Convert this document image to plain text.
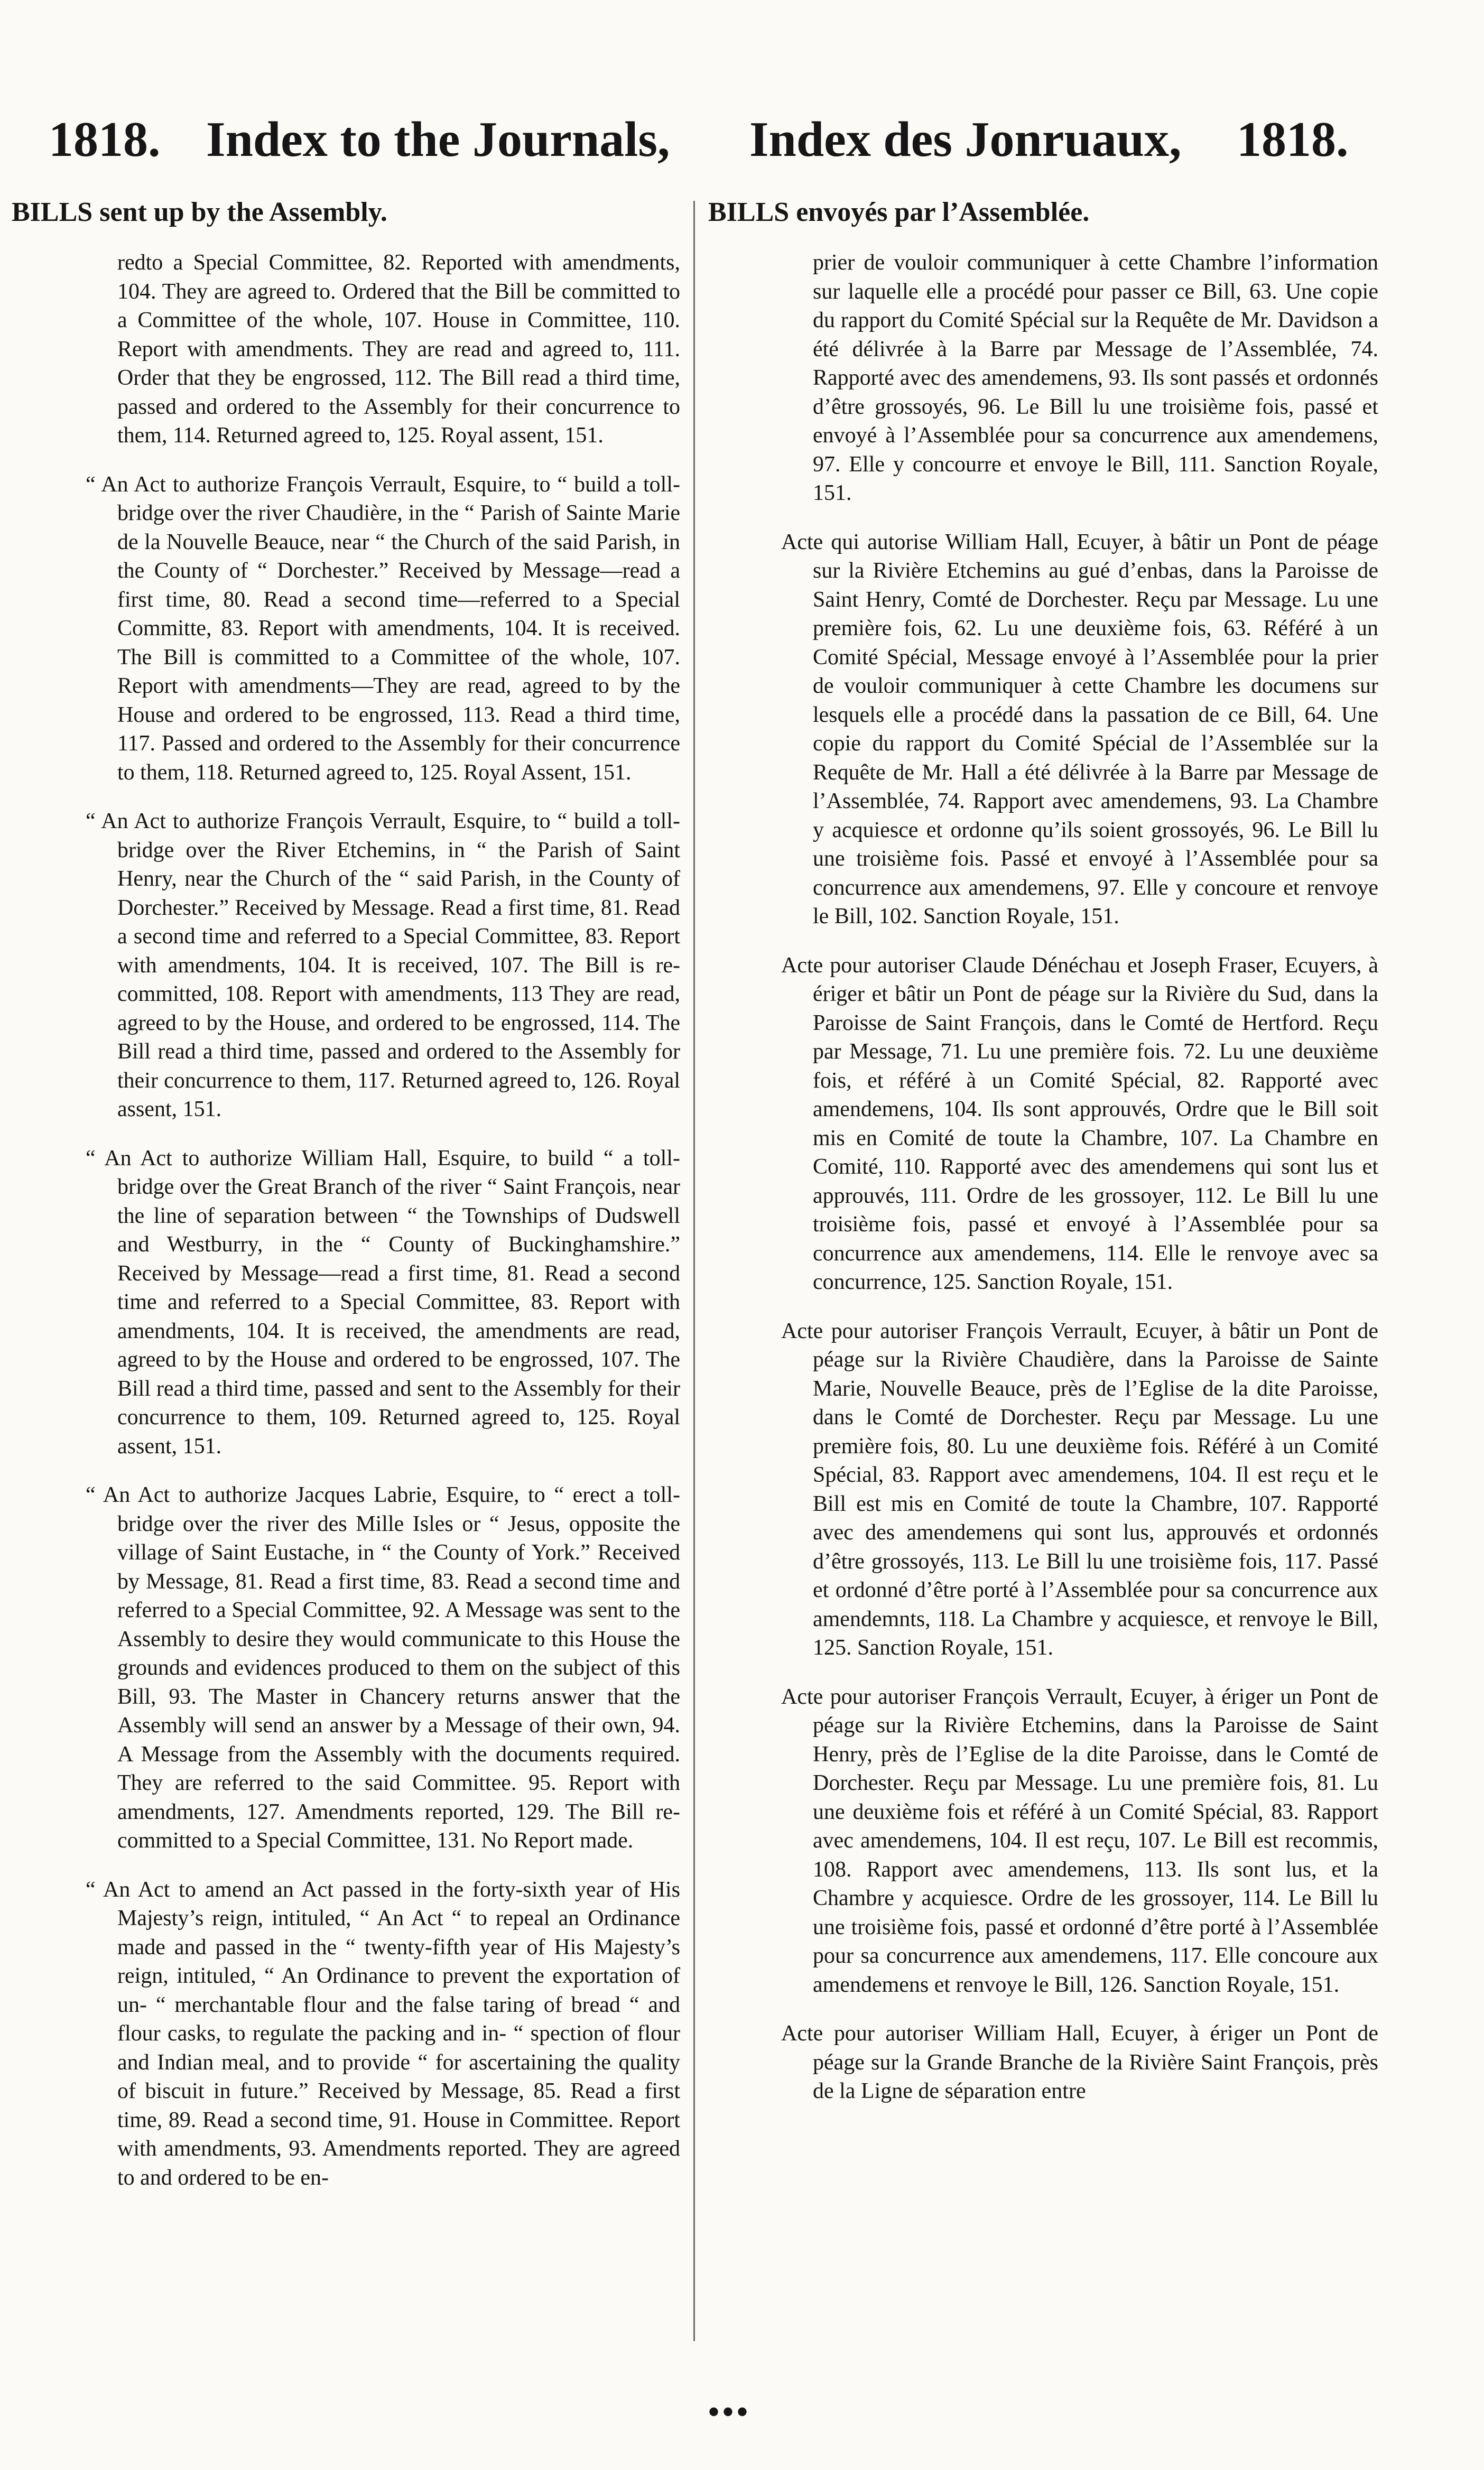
1818. Index to the Journals, Index des Jonruaux, 1818.
BILLS sent up by the Assembly.	BILLS envoyés par l’Assemblée.

redto a Special Committee, 82. Reported with amendments, 104. They are agreed to. Ordered that the Bill be committed to a Committee of the whole, 107. House in Committee, 110. Report with amendments. They are read and agreed to, 111. Order that they be engrossed, 112. The Bill read a third time, passed and ordered to the Assembly for their concurrence to them, 114. Returned agreed to, 125. Royal assent, 151.

“ An Act to authorize François Verrault, Esquire, to “ build a toll-bridge over the river Chaudière, in the “ Parish of Sainte Marie de la Nouvelle Beauce, near “ the Church of the said Parish, in the County of “ Dorchester.” Received by Message—read a first time, 80. Read a second time—referred to a Special Committe, 83. Report with amendments, 104. It is received. The Bill is committed to a Committee of the whole, 107. Report with amendments—They are read, agreed to by the House and ordered to be engrossed, 113. Read a third time, 117. Passed and ordered to the Assembly for their concurrence to them, 118. Returned agreed to, 125. Royal Assent, 151.

“ An Act to authorize François Verrault, Esquire, to “ build a toll-bridge over the River Etchemins, in “ the Parish of Saint Henry, near the Church of the “ said Parish, in the County of Dorchester.” Received by Message. Read a first time, 81. Read a second time and referred to a Special Committee, 83. Report with amendments, 104. It is received, 107. The Bill is re-committed, 108. Report with amendments, 113 They are read, agreed to by the House, and ordered to be engrossed, 114. The Bill read a third time, passed and ordered to the Assembly for their concurrence to them, 117. Returned agreed to, 126. Royal assent, 151.

“ An Act to authorize William Hall, Esquire, to build “ a toll-bridge over the Great Branch of the river “ Saint François, near the line of separation between “ the Townships of Dudswell and Westburry, in the “ County of Buckinghamshire.” Received by Message—read a first time, 81. Read a second time and referred to a Special Committee, 83. Report with amendments, 104. It is received, the amendments are read, agreed to by the House and ordered to be engrossed, 107. The Bill read a third time, passed and sent to the Assembly for their concurrence to them, 109. Returned agreed to, 125. Royal assent, 151.

“ An Act to authorize Jacques Labrie, Esquire, to “ erect a toll-bridge over the river des Mille Isles or “ Jesus, opposite the village of Saint Eustache, in “ the County of York.” Received by Message, 81. Read a first time, 83. Read a second time and referred to a Special Committee, 92. A Message was sent to the Assembly to desire they would communicate to this House the grounds and evidences produced to them on the subject of this Bill, 93. The Master in Chancery returns answer that the Assembly will send an answer by a Message of their own, 94. A Message from the Assembly with the documents required. They are referred to the said Committee. 95. Report with amendments, 127. Amendments reported, 129. The Bill re-committed to a Special Committee, 131. No Report made.

“ An Act to amend an Act passed in the forty-sixth year of His Majesty’s reign, intituled, “ An Act “ to repeal an Ordinance made and passed in the “ twenty-fifth year of His Majesty’s reign, intituled, “ An Ordinance to prevent the exportation of un- “ merchantable flour and the false taring of bread “ and flour casks, to regulate the packing and in- “ spection of flour and Indian meal, and to provide “ for ascertaining the quality of biscuit in future.” Received by Message, 85. Read a first time, 89. Read a second time, 91. House in Committee. Report with amendments, 93. Amendments reported. They are agreed to and ordered to be en-

prier de vouloir communiquer à cette Chambre l’information sur laquelle elle a procédé pour passer ce Bill, 63. Une copie du rapport du Comité Spécial sur la Requête de Mr. Davidson a été délivrée à la Barre par Message de l’Assemblée, 74. Rapporté avec des amendemens, 93. Ils sont passés et ordonnés d’être grossoyés, 96. Le Bill lu une troisième fois, passé et envoyé à l’Assemblée pour sa concurrence aux amendemens, 97. Elle y concourre et envoye le Bill, 111. Sanction Royale, 151.

Acte qui autorise William Hall, Ecuyer, à bâtir un Pont de péage sur la Rivière Etchemins au gué d’enbas, dans la Paroisse de Saint Henry, Comté de Dorchester. Reçu par Message. Lu une première fois, 62. Lu une deuxième fois, 63. Référé à un Comité Spécial, Message envoyé à l’Assemblée pour la prier de vouloir communiquer à cette Chambre les documens sur lesquels elle a procédé dans la passation de ce Bill, 64. Une copie du rapport du Comité Spécial de l’Assemblée sur la Requête de Mr. Hall a été délivrée à la Barre par Message de l’Assemblée, 74. Rapport avec amendemens, 93. La Chambre y acquiesce et ordonne qu’ils soient grossoyés, 96. Le Bill lu une troisième fois. Passé et envoyé à l’Assemblée pour sa concurrence aux amendemens, 97. Elle y concoure et renvoye le Bill, 102. Sanction Royale, 151.

Acte pour autoriser Claude Dénéchau et Joseph Fraser, Ecuyers, à ériger et bâtir un Pont de péage sur la Rivière du Sud, dans la Paroisse de Saint François, dans le Comté de Hertford. Reçu par Message, 71. Lu une première fois. 72. Lu une deuxième fois, et référé à un Comité Spécial, 82. Rapporté avec amendemens, 104. Ils sont approuvés, Ordre que le Bill soit mis en Comité de toute la Chambre, 107. La Chambre en Comité, 110. Rapporté avec des amendemens qui sont lus et approuvés, 111. Ordre de les grossoyer, 112. Le Bill lu une troisième fois, passé et envoyé à l’Assemblée pour sa concurrence aux amendemens, 114. Elle le renvoye avec sa concurrence, 125. Sanction Royale, 151.

Acte pour autoriser François Verrault, Ecuyer, à bâtir un Pont de péage sur la Rivière Chaudière, dans la Paroisse de Sainte Marie, Nouvelle Beauce, près de l’Eglise de la dite Paroisse, dans le Comté de Dorchester. Reçu par Message. Lu une première fois, 80. Lu une deuxième fois. Référé à un Comité Spécial, 83. Rapport avec amendemens, 104. Il est reçu et le Bill est mis en Comité de toute la Chambre, 107. Rapporté avec des amendemens qui sont lus, approuvés et ordonnés d’être grossoyés, 113. Le Bill lu une troisième fois, 117. Passé et ordonné d’être porté à l’Assemblée pour sa concurrence aux amendemnts, 118. La Chambre y acquiesce, et renvoye le Bill, 125. Sanction Royale, 151.

Acte pour autoriser François Verrault, Ecuyer, à ériger un Pont de péage sur la Rivière Etchemins, dans la Paroisse de Saint Henry, près de l’Eglise de la dite Paroisse, dans le Comté de Dorchester. Reçu par Message. Lu une première fois, 81. Lu une deuxième fois et référé à un Comité Spécial, 83. Rapport avec amendemens, 104. Il est reçu, 107. Le Bill est recommis, 108. Rapport avec amendemens, 113. Ils sont lus, et la Chambre y acquiesce. Ordre de les grossoyer, 114. Le Bill lu une troisième fois, passé et ordonné d’être porté à l’Assemblée pour sa concurrence aux amendemens, 117. Elle concoure aux amendemens et renvoye le Bill, 126. Sanction Royale, 151.

Acte pour autoriser William Hall, Ecuyer, à ériger un Pont de péage sur la Grande Branche de la Rivière Saint François, près de la Ligne de séparation entre

•••
